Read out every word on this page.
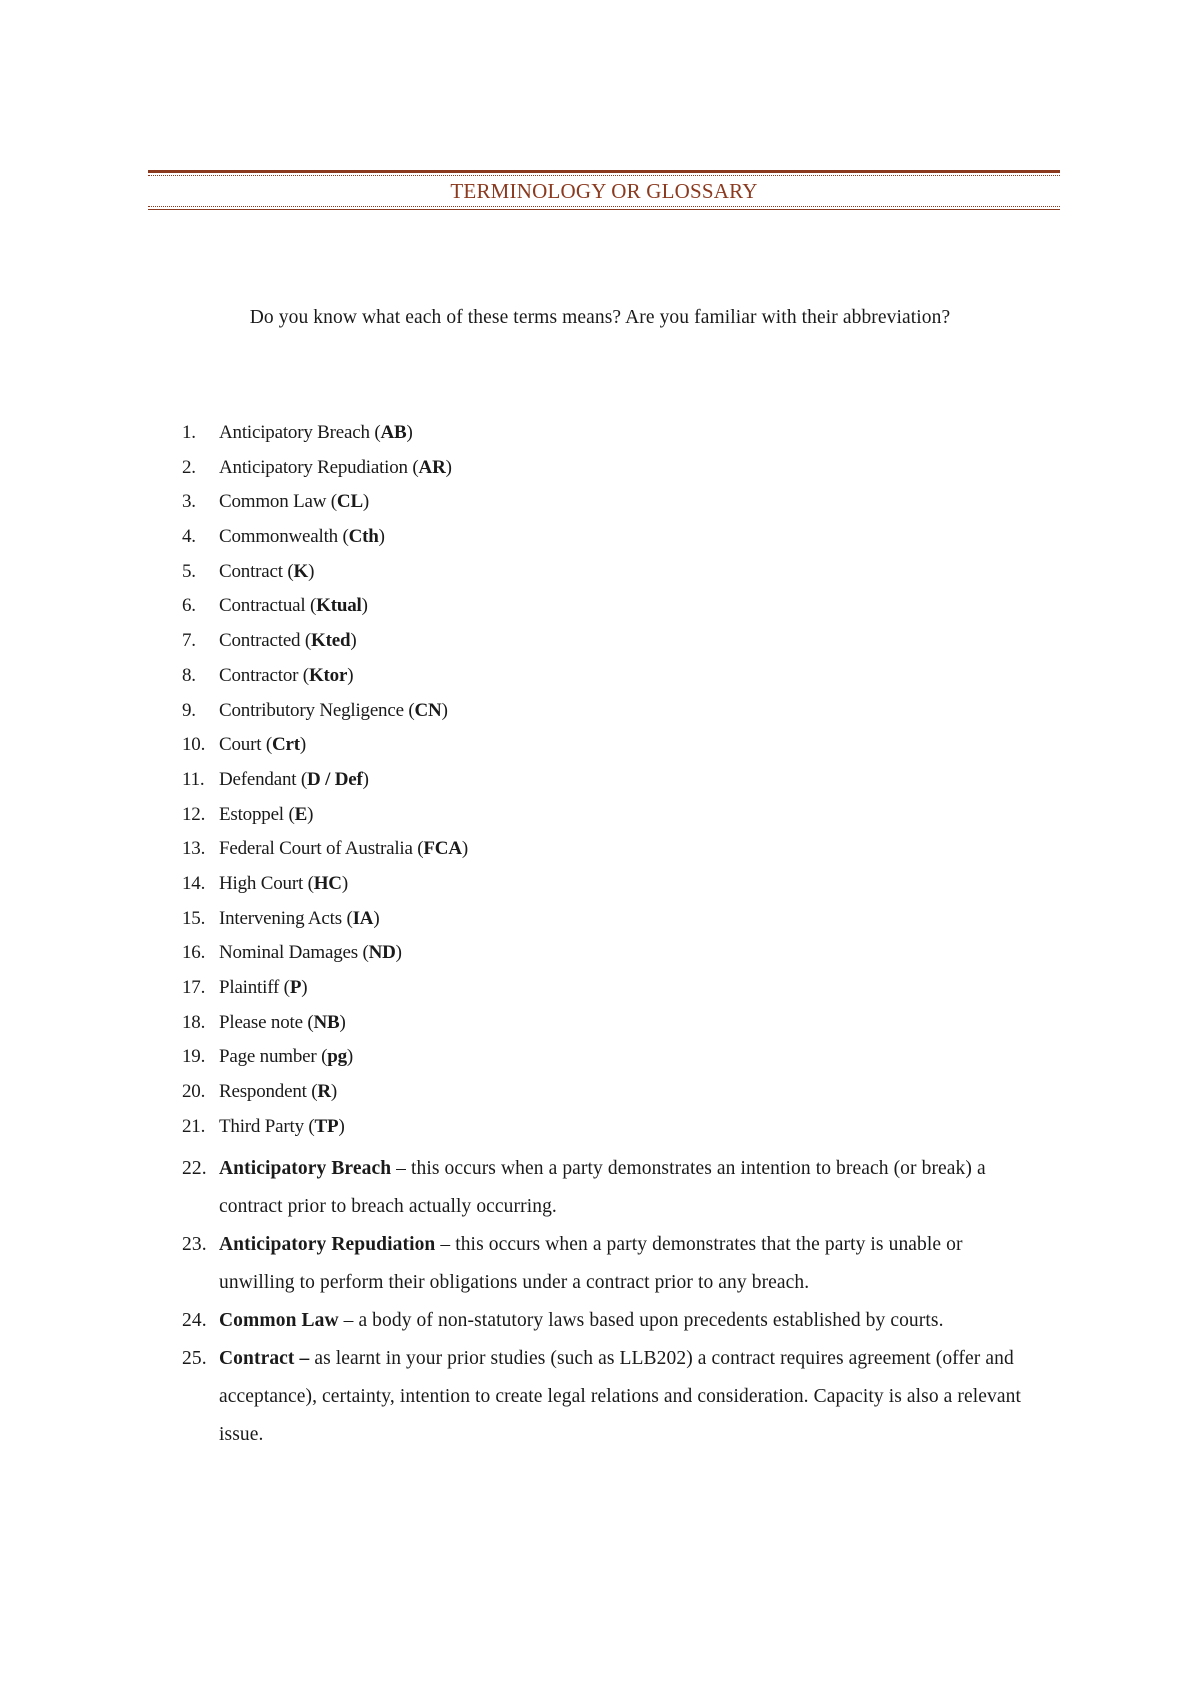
TERMINOLOGY OR GLOSSARY
Do you know what each of these terms means? Are you familiar with their abbreviation?
1. Anticipatory Breach (AB)
2. Anticipatory Repudiation (AR)
3. Common Law (CL)
4. Commonwealth (Cth)
5. Contract (K)
6. Contractual (Ktual)
7. Contracted (Kted)
8. Contractor (Ktor)
9. Contributory Negligence (CN)
10. Court (Crt)
11. Defendant (D / Def)
12. Estoppel (E)
13. Federal Court of Australia (FCA)
14. High Court (HC)
15. Intervening Acts (IA)
16. Nominal Damages (ND)
17. Plaintiff (P)
18. Please note (NB)
19. Page number (pg)
20. Respondent (R)
21. Third Party (TP)
22. Anticipatory Breach – this occurs when a party demonstrates an intention to breach (or break) a contract prior to breach actually occurring.
23. Anticipatory Repudiation – this occurs when a party demonstrates that the party is unable or unwilling to perform their obligations under a contract prior to any breach.
24. Common Law – a body of non-statutory laws based upon precedents established by courts.
25. Contract – as learnt in your prior studies (such as LLB202) a contract requires agreement (offer and acceptance), certainty, intention to create legal relations and consideration. Capacity is also a relevant issue.
